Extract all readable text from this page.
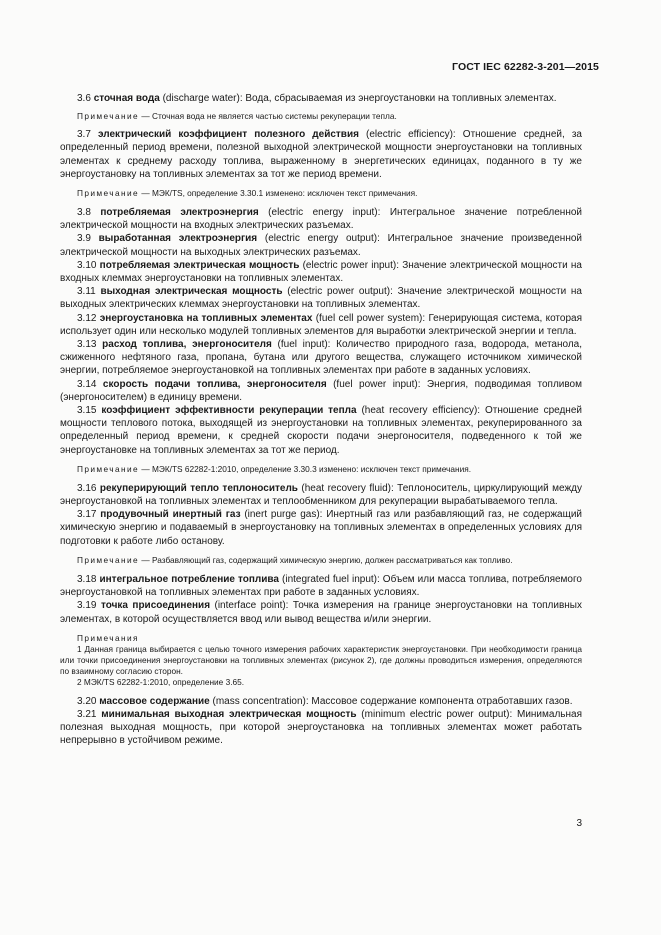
ГОСТ IEC 62282-3-201—2015

3.6 сточная вода (discharge water): Вода, сбрасываемая из энергоустановки на топливных элементах.

Примечание — Сточная вода не является частью системы рекуперации тепла.

3.7 электрический коэффициент полезного действия (electric efficiency): Отношение средней, за определенный период времени, полезной выходной электрической мощности энергоустановки на топливных элементах к среднему расходу топлива, выраженному в энергетических единицах, поданного в ту же энергоустановку на топливных элементах за тот же период времени.

Примечание — МЭК/TS, определение 3.30.1 изменено: исключен текст примечания.

3.8 потребляемая электроэнергия (electric energy input): Интегральное значение потребленной электрической мощности на входных электрических разъемах.

3.9 выработанная электроэнергия (electric energy output): Интегральное значение произведенной электрической мощности на выходных электрических разъемах.

3.10 потребляемая электрическая мощность (electric power input): Значение электрической мощности на входных клеммах энергоустановки на топливных элементах.

3.11 выходная электрическая мощность (electric power output): Значение электрической мощности на выходных электрических клеммах энергоустановки на топливных элементах.

3.12 энергоустановка на топливных элементах (fuel cell power system): Генерирующая система, которая использует один или несколько модулей топливных элементов для выработки электрической энергии и тепла.

3.13 расход топлива, энергоносителя (fuel input): Количество природного газа, водорода, метанола, сжиженного нефтяного газа, пропана, бутана или другого вещества, служащего источником химической энергии, потребляемое энергоустановкой на топливных элементах при работе в заданных условиях.

3.14 скорость подачи топлива, энергоносителя (fuel power input): Энергия, подводимая топливом (энергоносителем) в единицу времени.

3.15 коэффициент эффективности рекуперации тепла (heat recovery efficiency): Отношение средней мощности теплового потока, выходящей из энергоустановки на топливных элементах, рекуперированного за определенный период времени, к средней скорости подачи энергоносителя, подведенного к той же энергоустановке на топливных элементах за тот же период.

Примечание — МЭК/TS 62282-1:2010, определение 3.30.3 изменено: исключен текст примечания.

3.16 рекуперирующий тепло теплоноситель (heat recovery fluid): Теплоноситель, циркулирующий между энергоустановкой на топливных элементах и теплообменником для рекуперации вырабатываемого тепла.

3.17 продувочный инертный газ (inert purge gas): Инертный газ или разбавляющий газ, не содержащий химическую энергию и подаваемый в энергоустановку на топливных элементах в определенных условиях для подготовки к работе либо останову.

Примечание — Разбавляющий газ, содержащий химическую энергию, должен рассматриваться как топливо.

3.18 интегральное потребление топлива (integrated fuel input): Объем или масса топлива, потребляемого энергоустановкой на топливных элементах при работе в заданных условиях.

3.19 точка присоединения (interface point): Точка измерения на границе энергоустановки на топливных элементах, в которой осуществляется ввод или вывод вещества и/или энергии.

Примечания

1 Данная граница выбирается с целью точного измерения рабочих характеристик энергоустановки. При необходимости граница или точки присоединения энергоустановки на топливных элементах (рисунок 2), где должны проводиться измерения, определяются по взаимному согласию сторон.

2 МЭК/TS 62282-1:2010, определение 3.65.

3.20 массовое содержание (mass concentration): Массовое содержание компонента отработавших газов.

3.21 минимальная выходная электрическая мощность (minimum electric power output): Минимальная полезная выходная мощность, при которой энергоустановка на топливных элементах может работать непрерывно в устойчивом режиме.

3
